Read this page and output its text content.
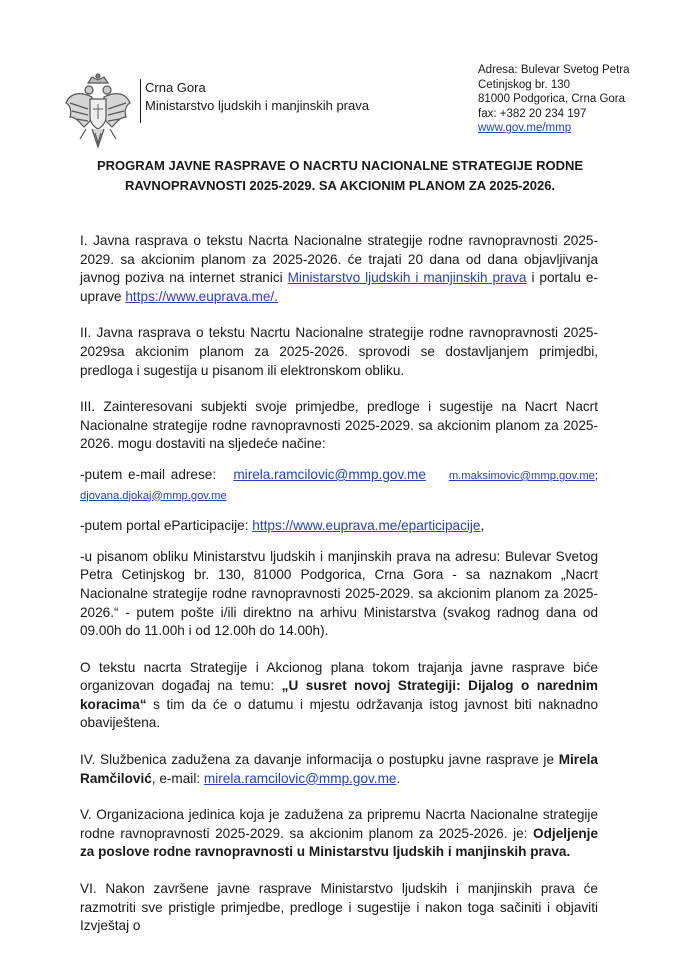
Crna Gora
Ministarstvo ljudskih i manjinskih prava
Adresa: Bulevar Svetog Petra
Cetinjskog br. 130
81000 Podgorica, Crna Gora
fax: +382 20 234 197
www.gov.me/mmp
PROGRAM JAVNE RASPRAVE O NACRTU NACIONALNE STRATEGIJE RODNE
RAVNOPRAVNOSTI 2025-2029. SA AKCIONIM PLANOM ZA 2025-2026.

I. Javna rasprava o tekstu Nacrta Nacionalne strategije rodne ravnopravnosti 2025-2029. sa akcionim planom za 2025-2026. će trajati 20 dana od dana objavljivanja javnog poziva na internet stranici Ministarstvo ljudskih i manjinskih prava i portalu e-uprave https://www.euprava.me/.

II. Javna rasprava o tekstu Nacrtu Nacionalne strategije rodne ravnopravnosti 2025-2029sa akcionim planom za 2025-2026. sprovodi se dostavljanjem primjedbi, predloga i sugestija u pisanom ili elektronskom obliku.

III. Zainteresovani subjekti svoje primjedbe, predloge i sugestije na Nacrt Nacrt Nacionalne strategije rodne ravnopravnosti 2025-2029. sa akcionim planom za 2025-2026. mogu dostaviti na sljedeće načine:

-putem e-mail adrese: mirela.ramcilovic@mmp.gov.me m.maksimovic@mmp.gov.me; djovana.djokaj@mmp.gov.me

-putem portal eParticipacije: https://www.euprava.me/eparticipacije,

-u pisanom obliku Ministarstvu ljudskih i manjinskih prava na adresu: Bulevar Svetog Petra Cetinjskog br. 130, 81000 Podgorica, Crna Gora - sa naznakom „Nacrt Nacionalne strategije rodne ravnopravnosti 2025-2029. sa akcionim planom za 2025-2026.“ - putem pošte i/ili direktno na arhivu Ministarstva (svakog radnog dana od 09.00h do 11.00h i od 12.00h do 14.00h).

O tekstu nacrta Strategije i Akcionog plana tokom trajanja javne rasprave biće organizovan događaj na temu: „U susret novoj Strategiji: Dijalog o narednim koracima“ s tim da će o datumu i mjestu održavanja istog javnost biti naknadno obaviještena.

IV. Službenica zadužena za davanje informacija o postupku javne rasprave je Mirela Ramčilović, e-mail: mirela.ramcilovic@mmp.gov.me.

V. Organizaciona jedinica koja je zadužena za pripremu Nacrta Nacionalne strategije rodne ravnopravnosti 2025-2029. sa akcionim planom za 2025-2026. je: Odjeljenje za poslove rodne ravnopravnosti u Ministarstvu ljudskih i manjinskih prava.

VI. Nakon završene javne rasprave Ministarstvo ljudskih i manjinskih prava će razmotriti sve pristigle primjedbe, predloge i sugestije i nakon toga sačiniti i objaviti Izvještaj o
